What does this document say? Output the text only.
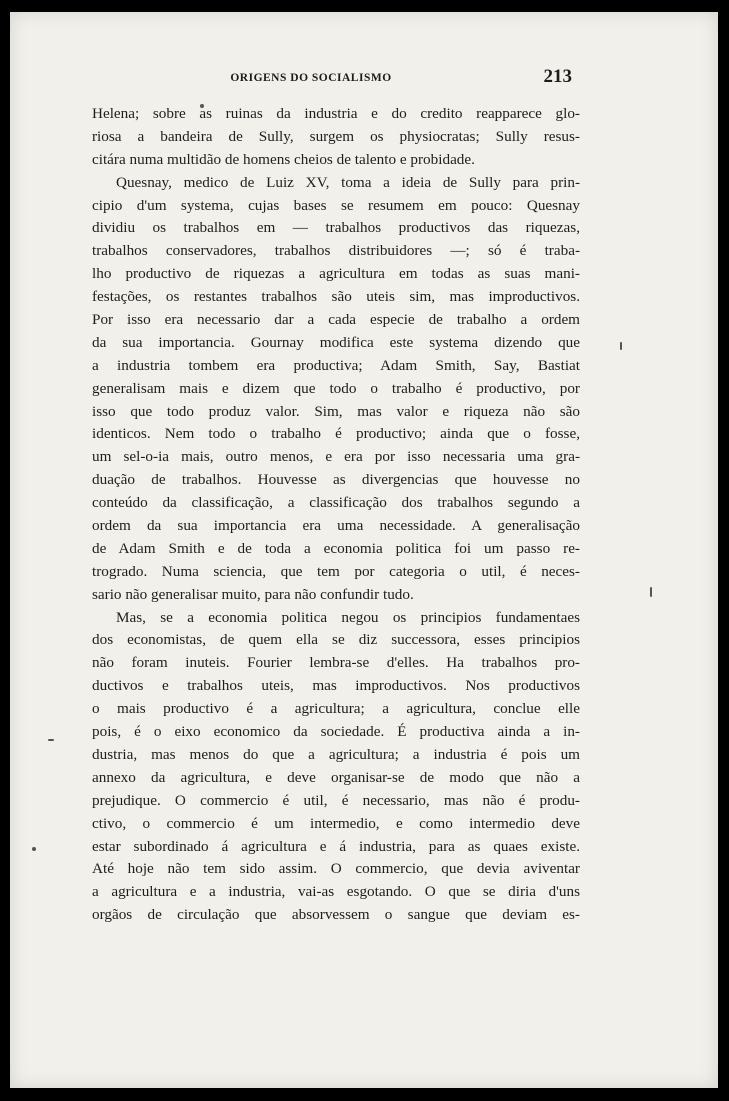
ORIGENS DO SOCIALISMO	213
Helena; sobre as ruinas da industria e do credito reapparece glo-
riosa a bandeira de Sully, surgem os physiocratas; Sully resus-
citára numa multidão de homens cheios de talento e probidade.
Quesnay, medico de Luiz XV, toma a ideia de Sully para prin-
cipio d'um systema, cujas bases se resumem em pouco: Quesnay
dividiu os trabalhos em — trabalhos productivos das riquezas,
trabalhos conservadores, trabalhos distribuidores —; só é traba-
lho productivo de riquezas a agricultura em todas as suas mani-
festações, os restantes trabalhos são uteis sim, mas improductivos.
Por isso era necessario dar a cada especie de trabalho a ordem
da sua importancia. Gournay modifica este systema dizendo que
a industria tombem era productiva; Adam Smith, Say, Bastiat
generalisam mais e dizem que todo o trabalho é productivo, por
isso que todo produz valor. Sim, mas valor e riqueza não são
identicos. Nem todo o trabalho é productivo; ainda que o fosse,
um sel-o-ia mais, outro menos, e era por isso necessaria uma gra-
duação de trabalhos. Houvesse as divergencias que houvesse no
conteúdo da classificação, a classificação dos trabalhos segundo a
ordem da sua importancia era uma necessidade. A generalisação
de Adam Smith e de toda a economia politica foi um passo re-
trogrado. Numa sciencia, que tem por categoria o util, é neces-
sario não generalisar muito, para não confundir tudo.
Mas, se a economia politica negou os principios fundamentaes
dos economistas, de quem ella se diz successora, esses principios
não foram inuteis. Fourier lembra-se d'elles. Ha trabalhos pro-
ductivos e trabalhos uteis, mas improductivos. Nos productivos
o mais productivo é a agricultura; a agricultura, conclue elle
pois, é o eixo economico da sociedade. É productiva ainda a in-
dustria, mas menos do que a agricultura; a industria é pois um
annexo da agricultura, e deve organisar-se de modo que não a
prejudique. O commercio é util, é necessario, mas não é produ-
ctivo, o commercio é um intermedio, e como intermedio deve
estar subordinado á agricultura e á industria, para as quaes existe.
Até hoje não tem sido assim. O commercio, que devia aviventar
a agricultura e a industria, vai-as esgotando. O que se diria d'uns
orgãos de circulação que absorvessem o sangue que deviam es-
